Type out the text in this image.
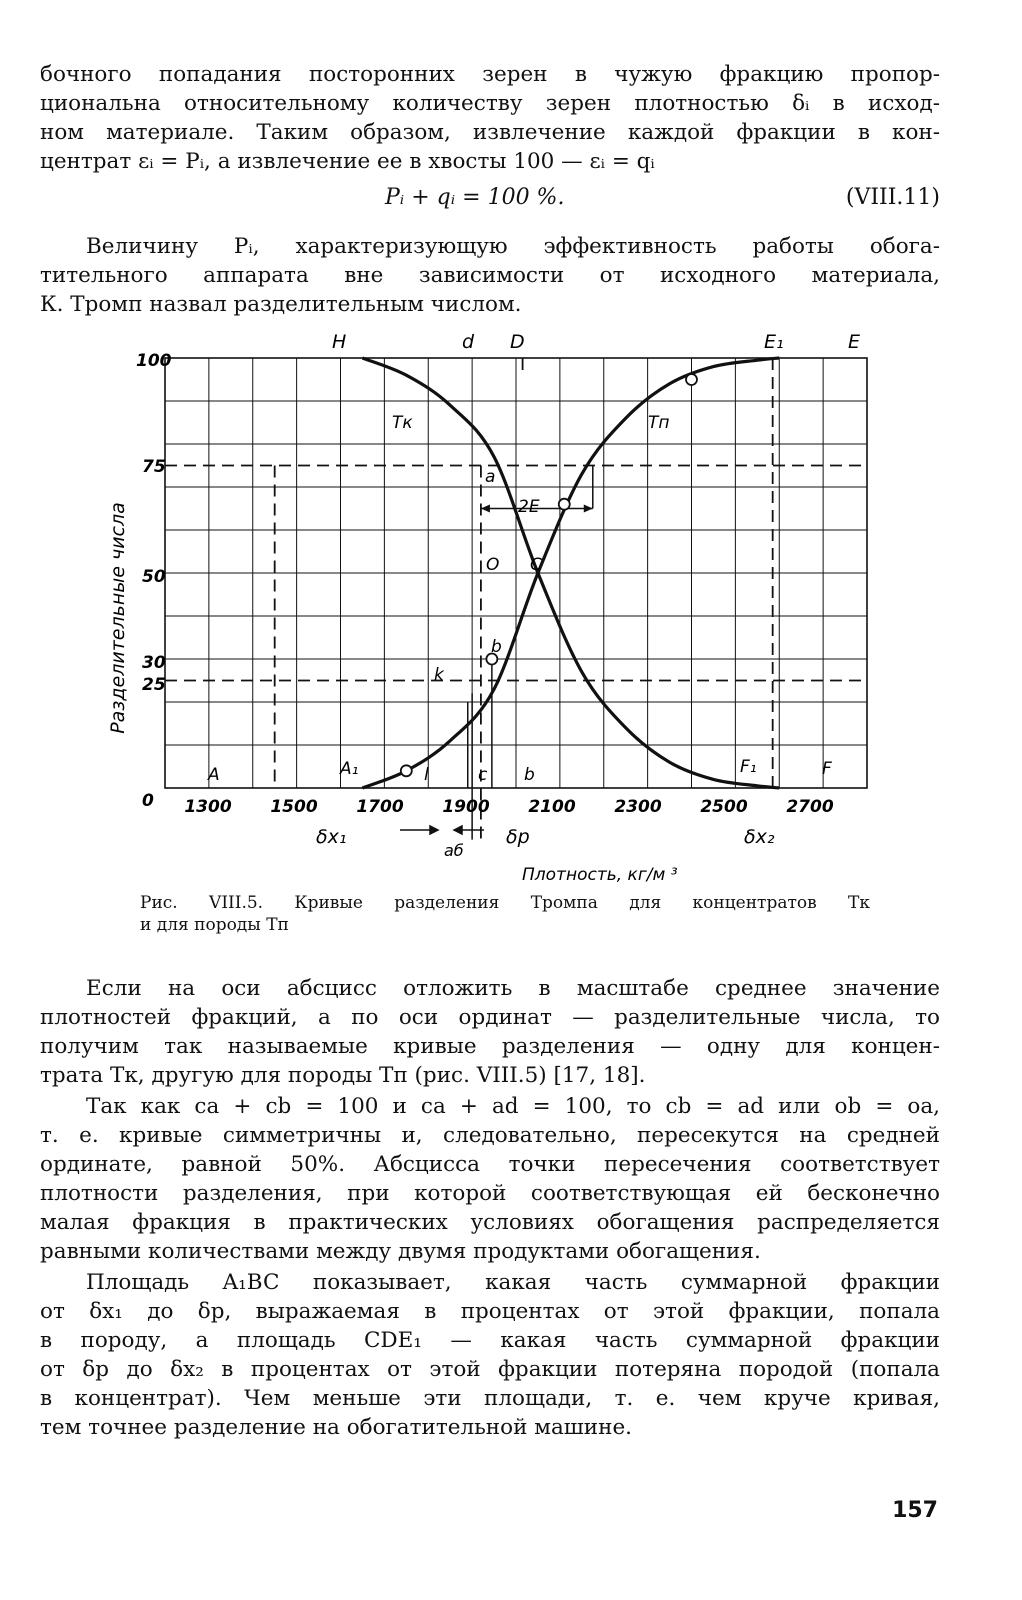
бочного попадания посторонних зерен в чужую фракцию пропор-
циональна относительному количеству зерен плотностью δᵢ в исход-
ном материале. Таким образом, извлечение каждой фракции в кон-
центрат εᵢ = Pᵢ, а извлечение ее в хвосты 100 — εᵢ = qᵢ
Pᵢ + qᵢ = 100 %.	(VIII.11)
Величину Pᵢ, характеризующую эффективность работы обога-
тительного аппарата вне зависимости от исходного материала,
К. Тромп назвал разделительным числом.
Разделительные числа
100
75
50
30
25
0 1300 1500 1700 1900 2100 2300 2500 2700
H	d D	E₁	E
Tк	Tп
a
2E
O C
b
k
A	A₁	l	c b	F₁	F
δx₁
аб
δр	δx₂
Плотность, кг/м ³
Рис. VIII.5. Кривые разделения Тромпа для концентратов Tк
и для породы Tп
Если на оси абсцисс отложить в масштабе среднее значение
плотностей фракций, а по оси ординат — разделительные числа, то
получим так называемые кривые разделения — одну для концен-
трата Tк, другую для породы Tп (рис. VIII.5) [17, 18].
Так как ca + cb = 100 и ca + ad = 100, то cb = ad или ob = oa,
т. е. кривые симметричны и, следовательно, пересекутся на средней
ординате, равной 50%. Абсцисса точки пересечения соответствует
плотности разделения, при которой соответствующая ей бесконечно
малая фракция в практических условиях обогащения распределяется
равными количествами между двумя продуктами обогащения.
Площадь A₁BC показывает, какая часть суммарной фракции
от δx₁ до δр, выражаемая в процентах от этой фракции, попала
в породу, а площадь CDE₁ — какая часть суммарной фракции
от δр до δx₂ в процентах от этой фракции потеряна породой (попала
в концентрат). Чем меньше эти площади, т. е. чем круче кривая,
тем точнее разделение на обогатительной машине.
157
